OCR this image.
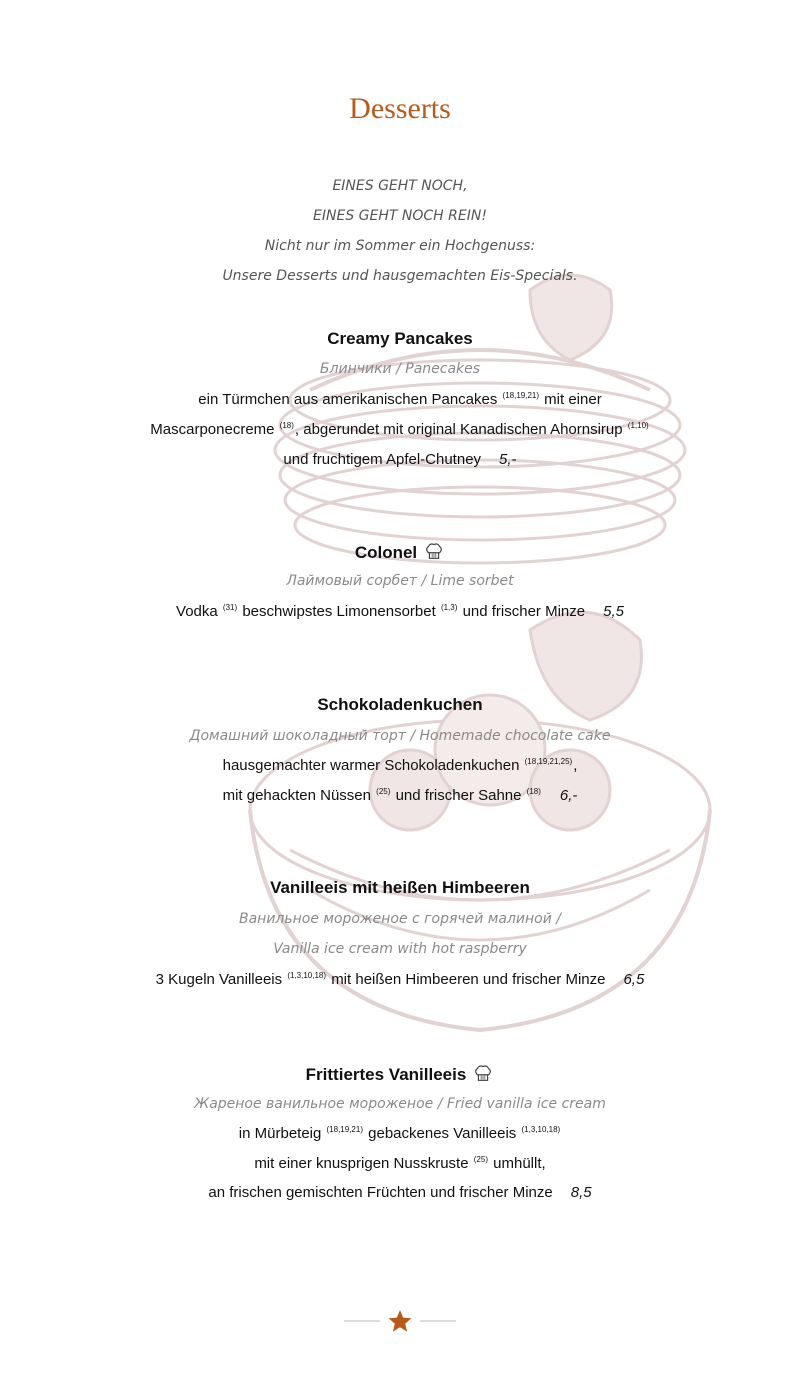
Desserts
EINES GEHT NOCH,
EINES GEHT NOCH REIN!
Nicht nur im Sommer ein Hochgenuss:
Unsere Desserts und hausgemachten Eis-Specials.
Creamy Pancakes
Блинчики / Panecakes
ein Türmchen aus amerikanischen Pancakes $^{(18,19,21)}$ mit einer
Mascarponecreme $^{(18)}$, abgerundet mit original Kanadischen Ahornsirup $^{(1,10)}$
und fruchtigem Apfel-Chutney 5,-
Colonel
Лаймовый сорбет / Lime sorbet
Vodka $^{(31)}$ beschwipstes Limonensorbet $^{(1,3)}$ und frischer Minze 5,5
Schokoladenkuchen
Домашний шоколадный торт / Homemade chocolate cake
hausgemachter warmer Schokoladenkuchen $^{(18,19,21,25)}$,
mit gehackten Nüssen $^{(25)}$ und frischer Sahne $^{(18)}$ 6,-
Vanilleeis mit heißen Himbeeren
Ванильное мороженое с горячей малиной /
Vanilla ice cream with hot raspberry
3 Kugeln Vanilleeis $^{(1,3,10,18)}$ mit heißen Himbeeren und frischer Minze 6,5
Frittiertes Vanilleeis
Жареное ванильное мороженое / Fried vanilla ice cream
in Mürbeteig $^{(18,19,21)}$ gebackenes Vanilleeis $^{(1,3,10,18)}$
mit einer knusprigen Nusskruste $^{(25)}$ umhüllt,
an frischen gemischten Früchten und frischer Minze 8,5
